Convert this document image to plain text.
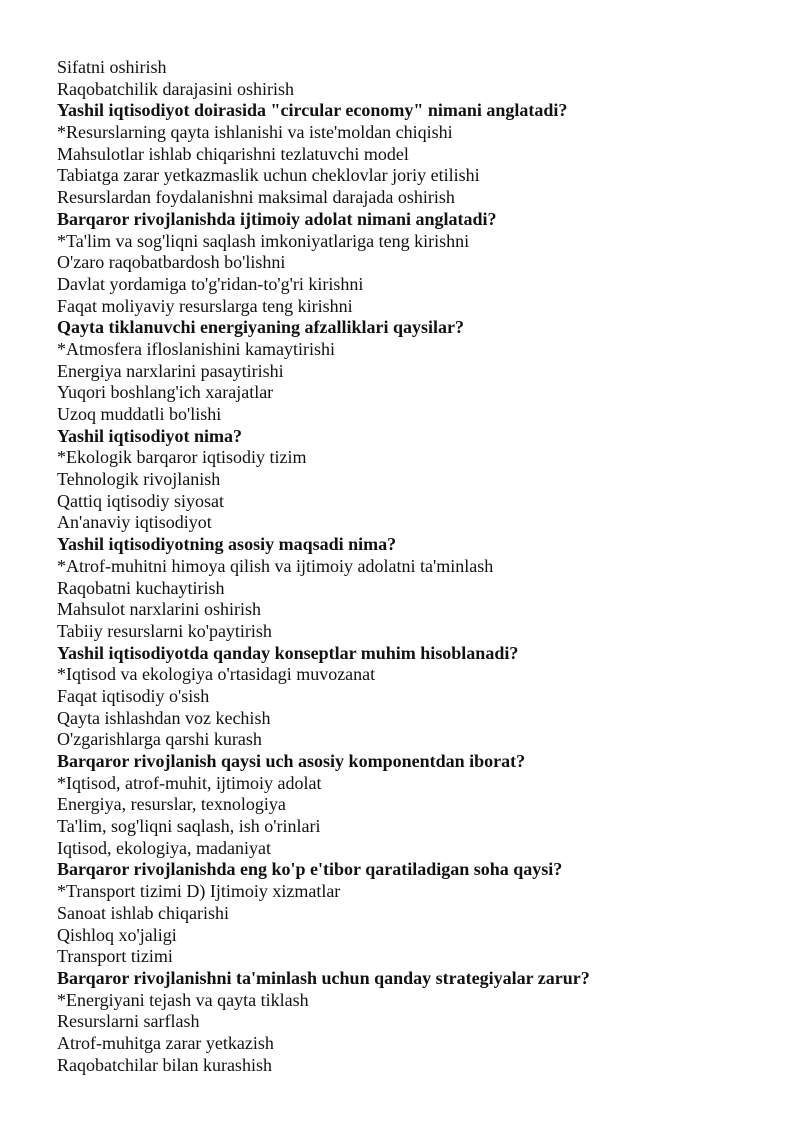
Sifatni oshirish
Raqobatchilik darajasini oshirish
Yashil iqtisodiyot doirasida "circular economy" nimani anglatadi?
*Resurslarning qayta ishlanishi va iste'moldan chiqishi
Mahsulotlar ishlab chiqarishni tezlatuvchi model
Tabiatga zarar yetkazmaslik uchun cheklovlar joriy etilishi
Resurslardan foydalanishni maksimal darajada oshirish
Barqaror rivojlanishda ijtimoiy adolat nimani anglatadi?
*Ta'lim va sog'liqni saqlash imkoniyatlariga teng kirishni
O'zaro raqobatbardosh bo'lishni
Davlat yordamiga to'g'ridan-to'g'ri kirishni
Faqat moliyaviy resurslarga teng kirishni
Qayta tiklanuvchi energiyaning afzalliklari qaysilar?
*Atmosfera ifloslanishini kamaytirishi
Energiya narxlarini pasaytirishi
Yuqori boshlang'ich xarajatlar
Uzoq muddatli bo'lishi
Yashil iqtisodiyot nima?
*Ekologik barqaror iqtisodiy tizim
Tehnologik rivojlanish
Qattiq iqtisodiy siyosat
An'anaviy iqtisodiyot
Yashil iqtisodiyotning asosiy maqsadi nima?
*Atrof-muhitni himoya qilish va ijtimoiy adolatni ta'minlash
Raqobatni kuchaytirish
Mahsulot narxlarini oshirish
Tabiiy resurslarni ko'paytirish
Yashil iqtisodiyotda qanday konseptlar muhim hisoblanadi?
*Iqtisod va ekologiya o'rtasidagi muvozanat
Faqat iqtisodiy o'sish
Qayta ishlashdan voz kechish
O'zgarishlarga qarshi kurash
Barqaror rivojlanish qaysi uch asosiy komponentdan iborat?
*Iqtisod, atrof-muhit, ijtimoiy adolat
Energiya, resurslar, texnologiya
Ta'lim, sog'liqni saqlash, ish o'rinlari
Iqtisod, ekologiya, madaniyat
Barqaror rivojlanishda eng ko'p e'tibor qaratiladigan soha qaysi?
*Transport tizimi D) Ijtimoiy xizmatlar
Sanoat ishlab chiqarishi
Qishloq xo'jaligi
Transport tizimi
Barqaror rivojlanishni ta'minlash uchun qanday strategiyalar zarur?
*Energiyani tejash va qayta tiklash
Resurslarni sarflash
Atrof-muhitga zarar yetkazish
Raqobatchilar bilan kurashish
